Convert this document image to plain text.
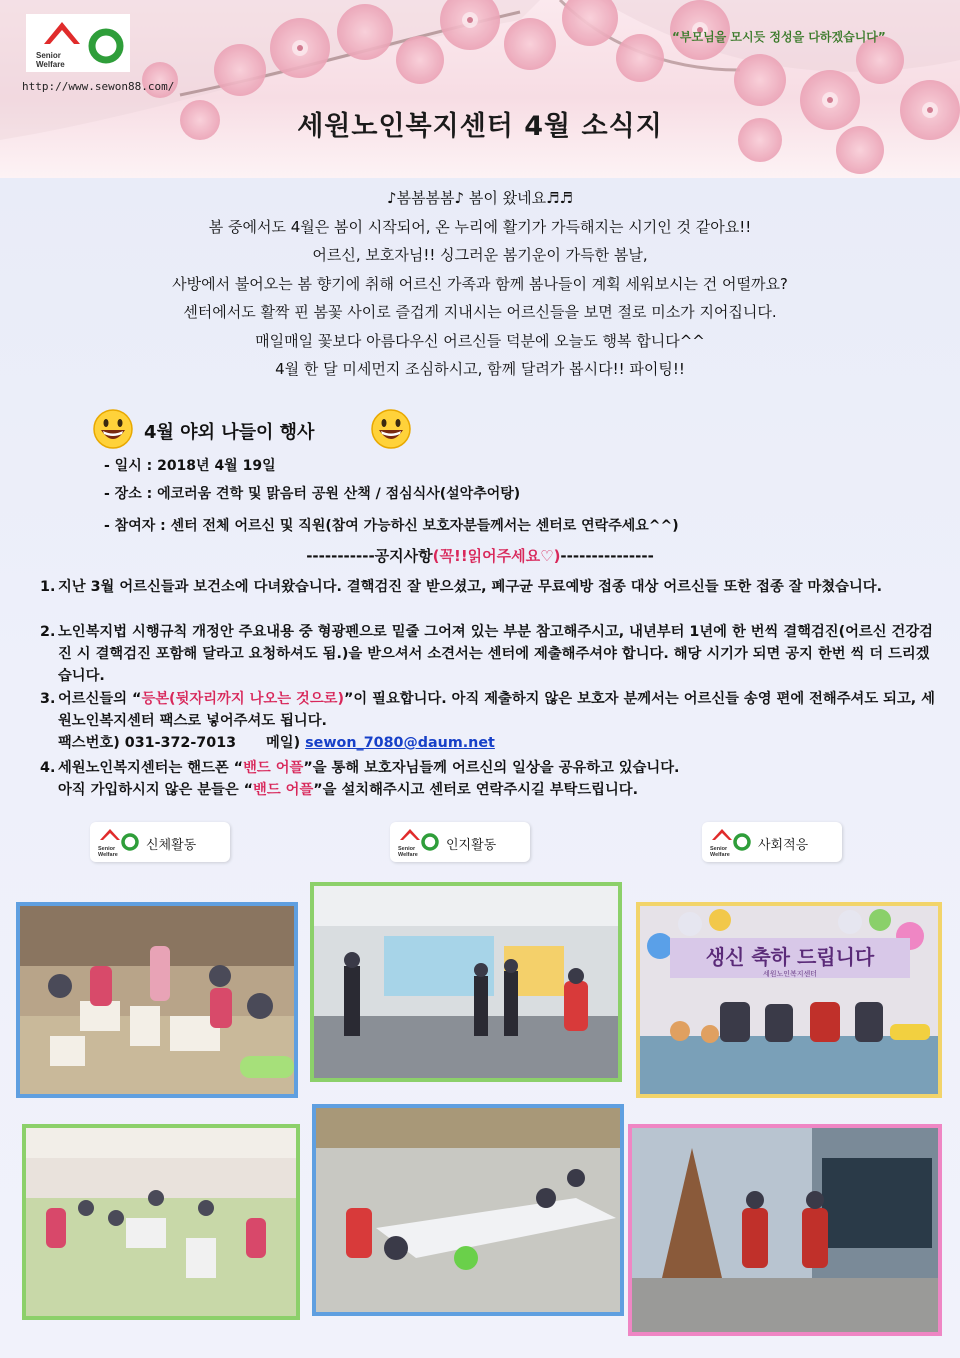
Senior
Welfare
http://www.sewon88.com/
“부모님을 모시듯 정성을 다하겠습니다”
세원노인복지센터 4월 소식지
♪봄봄봄봄♪ 봄이 왔네요♬♬
봄 중에서도 4월은 봄이 시작되어, 온 누리에 활기가 가득해지는 시기인 것 같아요!!
어르신, 보호자님!! 싱그러운 봄기운이 가득한 봄날,
사방에서 불어오는 봄 향기에 취해 어르신 가족과 함께 봄나들이 계획 세워보시는 건 어떨까요?
센터에서도 활짝 핀 봄꽃 사이로 즐겁게 지내시는 어르신들을 보면 절로 미소가 지어집니다.
매일매일 꽃보다 아름다우신 어르신들 덕분에 오늘도 행복 합니다^^
4월 한 달 미세먼지 조심하시고, 함께 달려가 봅시다!! 파이팅!!
4월 야외 나들이 행사
- 일시 : 2018년 4월 19일
- 장소 : 에코러움 견학 및 맑음터 공원 산책 / 점심식사(설악추어탕)
- 참여자 : 센터 전체 어르신 및 직원(참여 가능하신 보호자분들께서는 센터로 연락주세요^^)
-----------공지사항(꼭!!읽어주세요♡)---------------
1. 지난 3월 어르신들과 보건소에 다녀왔습니다. 결핵검진 잘 받으셨고, 폐구균 무료예방 접종 대상 어르신들 또한 접종 잘 마쳤습니다.
2. 노인복지법 시행규칙 개정안 주요내용 중 형광펜으로 밑줄 그어져 있는 부분 참고해주시고, 내년부터 1년에 한 번씩 결핵검진(어르신 건강검진 시 결핵검진 포함해 달라고 요청하셔도 됨.)을 받으셔서 소견서는 센터에 제출해주셔야 합니다. 해당 시기가 되면 공지 한번 씩 더 드리겠습니다.
3. 어르신들의 “등본(뒷자리까지 나오는 것으로)”이 필요합니다. 아직 제출하지 않은 보호자 분께서는 어르신들 송영 편에 전해주셔도 되고, 세원노인복지센터 팩스로 넣어주셔도 됩니다.
팩스번호) 031-372-7013 메일) sewon_7080@daum.net
4. 세원노인복지센터는 핸드폰 “밴드 어플”을 통해 보호자님들께 어르신의 일상을 공유하고 있습니다.
아직 가입하시지 않은 분들은 “밴드 어플”을 설치해주시고 센터로 연락주시길 부탁드립니다.
Senior
Welfare
신체활동	Senior
Welfare
인지활동	Senior
Welfare
사회적응
생신 축하 드립니다
세원노인복지센터
